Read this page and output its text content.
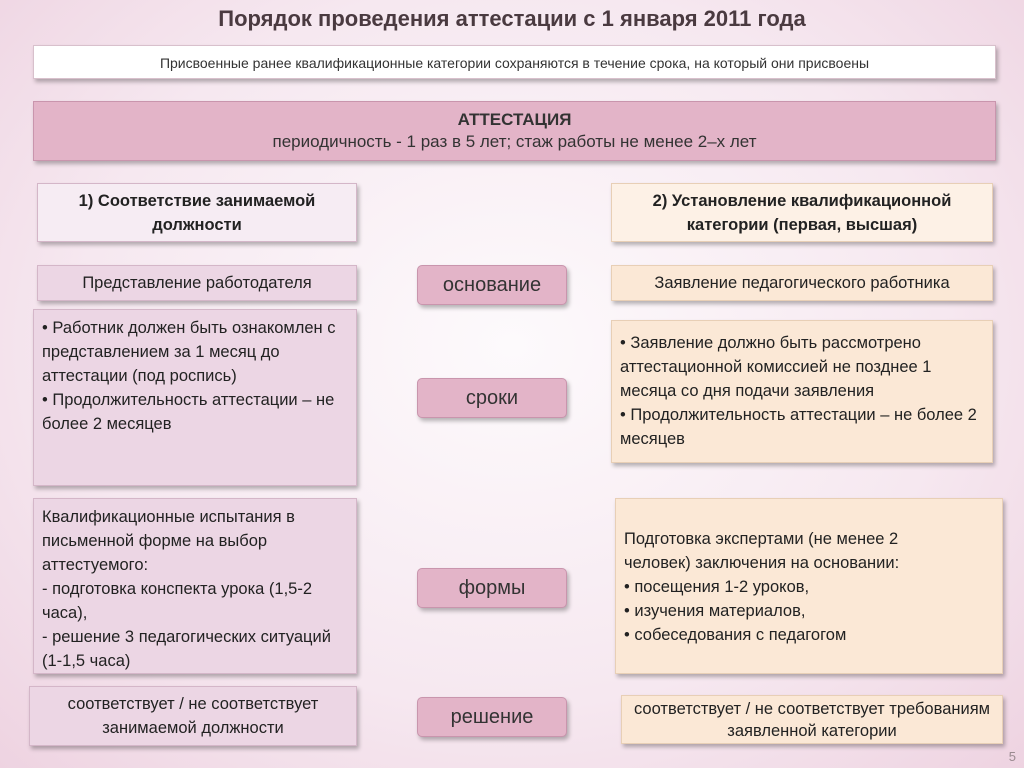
Порядок проведения аттестации с 1 января 2011 года
Присвоенные ранее квалификационные категории сохраняются в течение срока, на который они присвоены
АТТЕСТАЦИЯ
периодичность - 1 раз в 5 лет; стаж работы не менее 2–х лет
1) Соответствие занимаемой должности
Представление работодателя
• Работник должен быть ознакомлен с представлением за 1 месяц до аттестации (под роспись)
• Продолжительность аттестации – не более 2 месяцев
Квалификационные испытания в письменной форме на выбор аттестуемого:
- подготовка конспекта урока (1,5-2 часа),
- решение 3 педагогических ситуаций (1-1,5 часа)
соответствует / не соответствует занимаемой должности
основание
сроки
формы
решение
2) Установление квалификационной категории (первая, высшая)
Заявление педагогического работника
• Заявление должно быть рассмотрено аттестационной комиссией не позднее 1 месяца со дня подачи заявления
• Продолжительность аттестации – не более 2 месяцев
Подготовка экспертами (не менее 2 человек) заключения на основании:
• посещения 1-2 уроков,
• изучения материалов,
• собеседования с педагогом
соответствует / не соответствует требованиям заявленной категории
5
